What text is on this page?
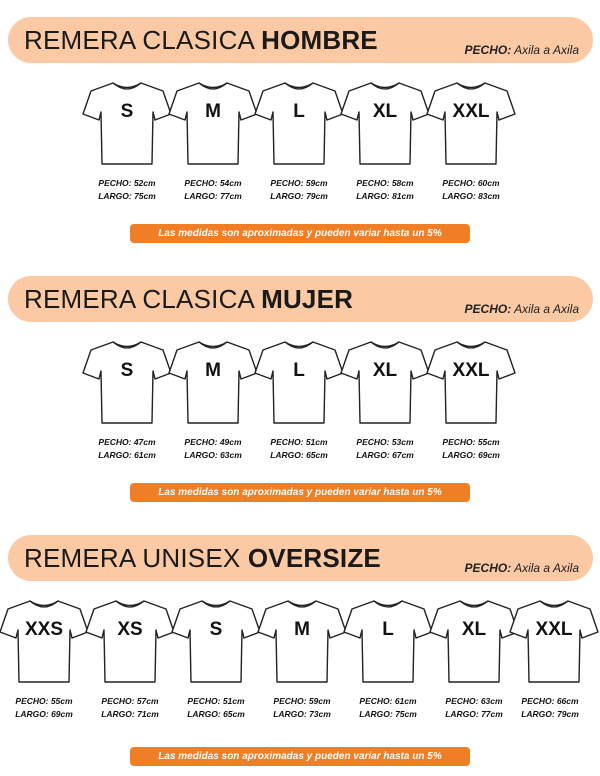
REMERA CLASICA HOMBRE	PECHO: Axila a Axila
S	M	L	XL	XXL
PECHO: 52cm
LARGO: 75cm
PECHO: 54cm
LARGO: 77cm
PECHO: 59cm
LARGO: 79cm
PECHO: 58cm
LARGO: 81cm
PECHO: 60cm
LARGO: 83cm
Las medidas son aproximadas y pueden variar hasta un 5%
REMERA CLASICA MUJER	PECHO: Axila a Axila
S	M	L	XL	XXL
PECHO: 47cm
LARGO: 61cm
PECHO: 49cm
LARGO: 63cm
PECHO: 51cm
LARGO: 65cm
PECHO: 53cm
LARGO: 67cm
PECHO: 55cm
LARGO: 69cm
Las medidas son aproximadas y pueden variar hasta un 5%
REMERA UNISEX OVERSIZE	PECHO: Axila a Axila
XXS	XS	S	M	L	XL	XXL
PECHO: 55cm
LARGO: 69cm
PECHO: 57cm
LARGO: 71cm
PECHO: 51cm
LARGO: 65cm
PECHO: 59cm
LARGO: 73cm
PECHO: 61cm
LARGO: 75cm
PECHO: 63cm
LARGO: 77cm
PECHO: 66cm
LARGO: 79cm
Las medidas son aproximadas y pueden variar hasta un 5%
